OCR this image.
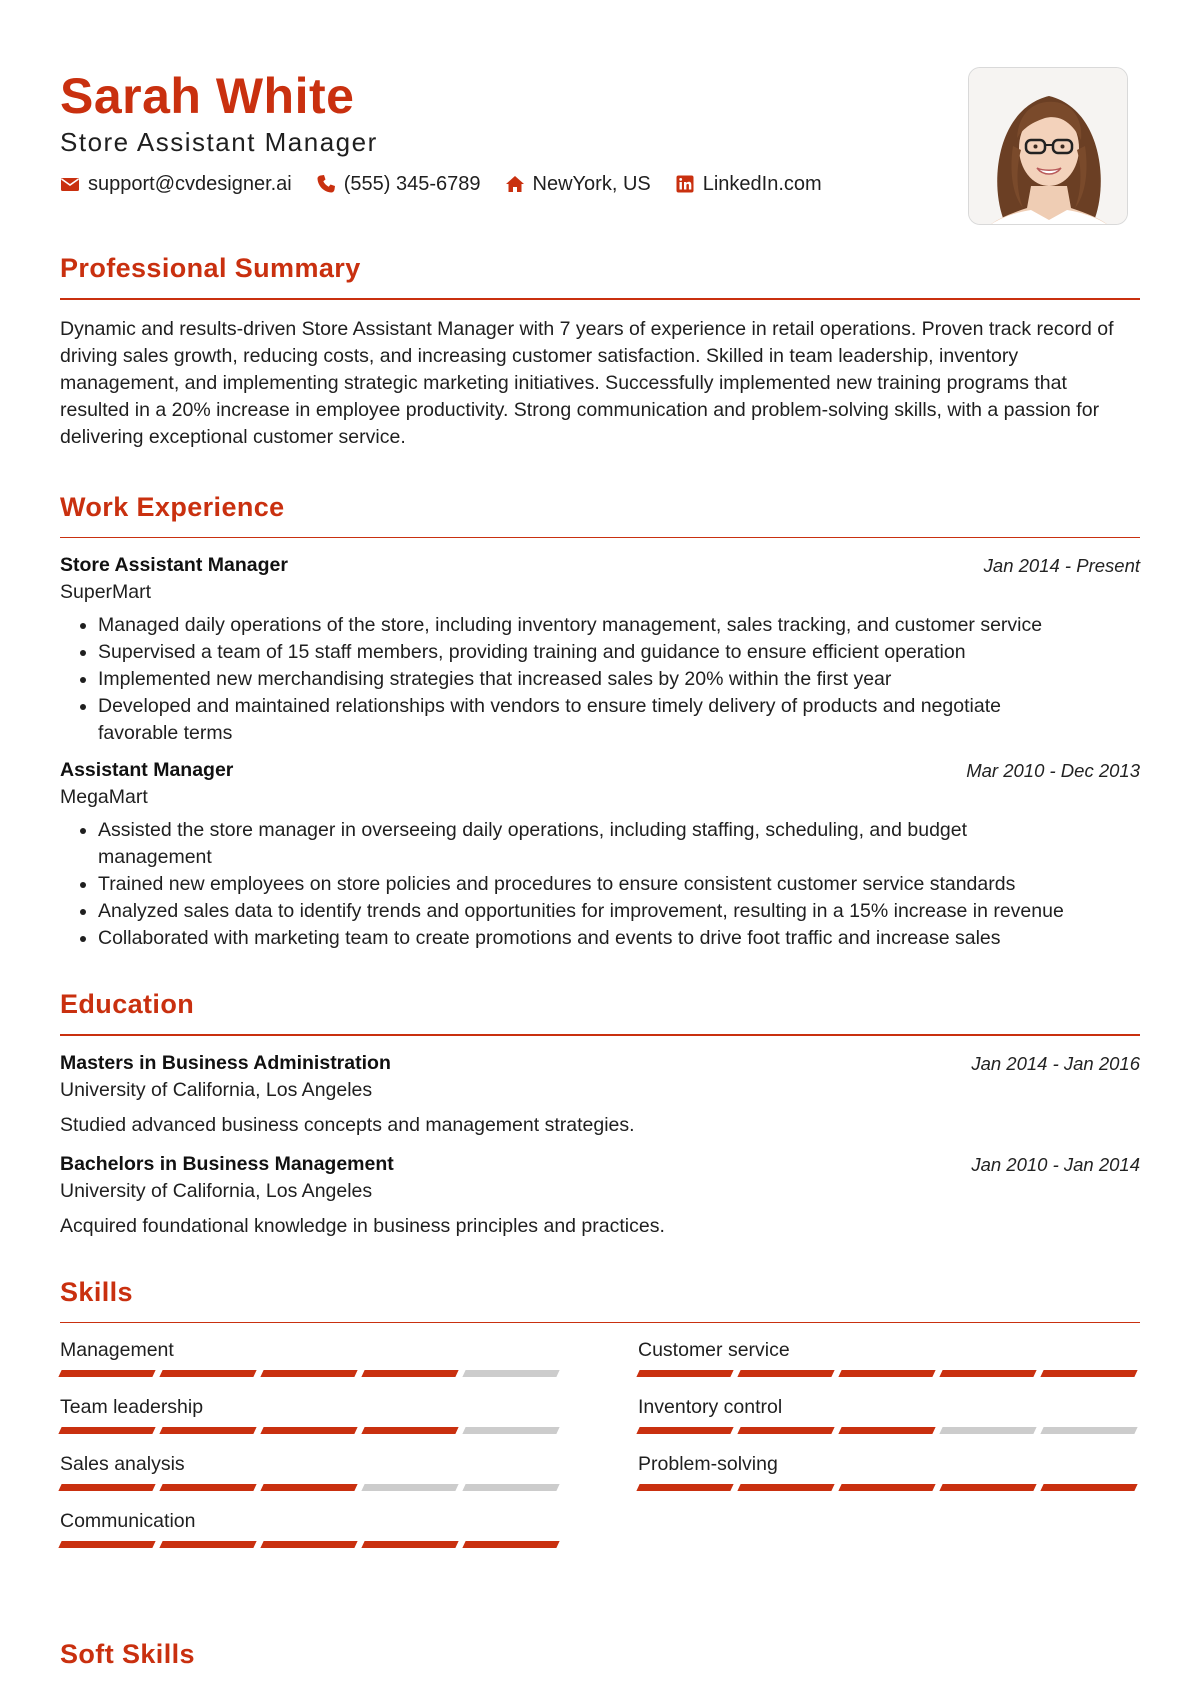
Sarah White
Store Assistant Manager
support@cvdesigner.ai	(555) 345-6789	NewYork, US	LinkedIn.com
Professional Summary

Dynamic and results-driven Store Assistant Manager with 7 years of experience in retail operations. Proven track record of driving sales growth, reducing costs, and increasing customer satisfaction. Skilled in team leadership, inventory management, and implementing strategic marketing initiatives. Successfully implemented new training programs that resulted in a 20% increase in employee productivity. Strong communication and problem-solving skills, with a passion for delivering exceptional customer service.

Work Experience
Store Assistant Manager	Jan 2014 - Present
SuperMart
• Managed daily operations of the store, including inventory management, sales tracking, and customer service
• Supervised a team of 15 staff members, providing training and guidance to ensure efficient operation
• Implemented new merchandising strategies that increased sales by 20% within the first year
• Developed and maintained relationships with vendors to ensure timely delivery of products and negotiate favorable terms
Assistant Manager	Mar 2010 - Dec 2013
MegaMart
• Assisted the store manager in overseeing daily operations, including staffing, scheduling, and budget management
• Trained new employees on store policies and procedures to ensure consistent customer service standards
• Analyzed sales data to identify trends and opportunities for improvement, resulting in a 15% increase in revenue
• Collaborated with marketing team to create promotions and events to drive foot traffic and increase sales
Education
Masters in Business Administration	Jan 2014 - Jan 2016
University of California, Los Angeles
Studied advanced business concepts and management strategies.
Bachelors in Business Management	Jan 2010 - Jan 2014
University of California, Los Angeles
Acquired foundational knowledge in business principles and practices.
Skills
Management	Customer service
Team leadership	Inventory control
Sales analysis	Problem-solving
Communication
Soft Skills
